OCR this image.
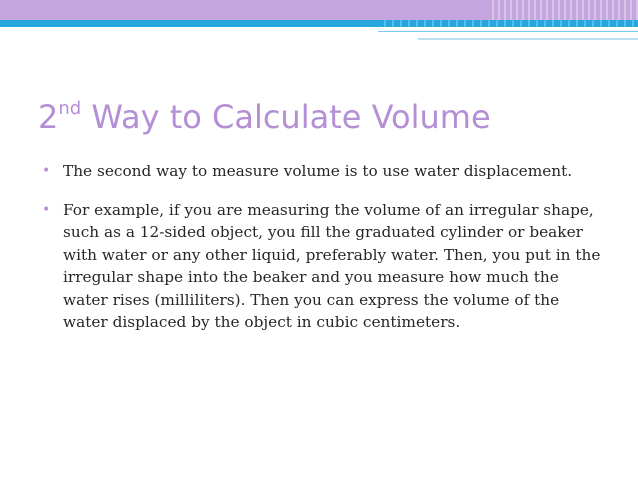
2nd Way to Calculate Volume
• The second way to measure volume is to use water displacement.
• For example, if you are measuring the volume of an irregular shape, such as a 12-sided object, you fill the graduated cylinder or beaker with water or any other liquid, preferably water. Then, you put in the irregular shape into the beaker and you measure how much the water rises (milliliters). Then you can express the volume of the water displaced by the object in cubic centimeters.
